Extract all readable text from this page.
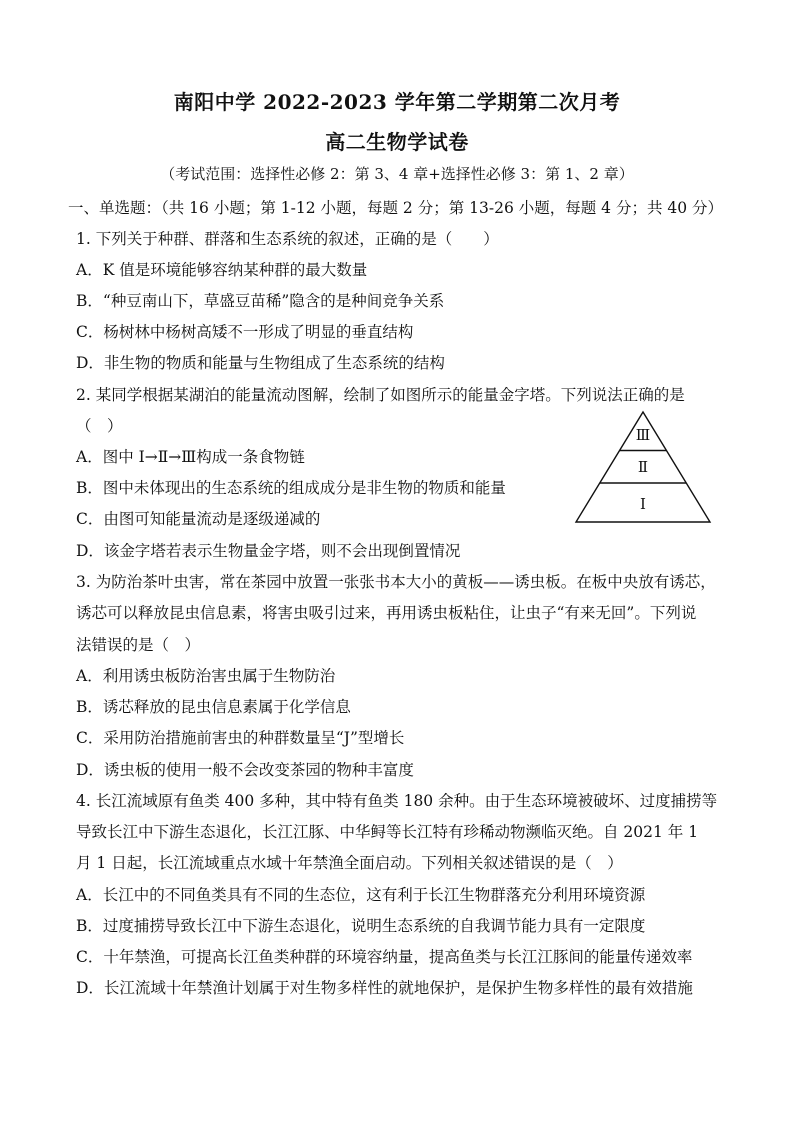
南阳中学 2022-2023 学年第二学期第二次月考
高二生物学试卷
（考试范围：选择性必修 2：第 3、4 章+选择性必修 3：第 1、2 章）
一、单选题：（共 16 小题；第 1-12 小题，每题 2 分；第 13-26 小题，每题 4 分；共 40 分）
1. 下列关于种群、群落和生态系统的叙述，正确的是（　　）
A．K 值是环境能够容纳某种群的最大数量
B．“种豆南山下，草盛豆苗稀”隐含的是种间竞争关系
C．杨树林中杨树高矮不一形成了明显的垂直结构
D．非生物的物质和能量与生物组成了生态系统的结构
2. 某同学根据某湖泊的能量流动图解，绘制了如图所示的能量金字塔。下列说法正确的是
（　）
A．图中 Ⅰ→Ⅱ→Ⅲ构成一条食物链
B．图中未体现出的生态系统的组成成分是非生物的物质和能量
C．由图可知能量流动是逐级递减的
D．该金字塔若表示生物量金字塔，则不会出现倒置情况
Ⅲ
Ⅱ
Ⅰ
3. 为防治茶叶虫害，常在茶园中放置一张张书本大小的黄板——诱虫板。在板中央放有诱芯，
诱芯可以释放昆虫信息素，将害虫吸引过来，再用诱虫板粘住，让虫子“有来无回”。下列说
法错误的是（　）
A．利用诱虫板防治害虫属于生物防治
B．诱芯释放的昆虫信息素属于化学信息
C．采用防治措施前害虫的种群数量呈“J”型增长
D．诱虫板的使用一般不会改变茶园的物种丰富度
4. 长江流域原有鱼类 400 多种，其中特有鱼类 180 余种。由于生态环境被破坏、过度捕捞等
导致长江中下游生态退化，长江江豚、中华鲟等长江特有珍稀动物濒临灭绝。自 2021 年 1
月 1 日起，长江流域重点水域十年禁渔全面启动。下列相关叙述错误的是（　）
A．长江中的不同鱼类具有不同的生态位，这有利于长江生物群落充分利用环境资源
B．过度捕捞导致长江中下游生态退化，说明生态系统的自我调节能力具有一定限度
C．十年禁渔，可提高长江鱼类种群的环境容纳量，提高鱼类与长江江豚间的能量传递效率
D．长江流域十年禁渔计划属于对生物多样性的就地保护，是保护生物多样性的最有效措施
